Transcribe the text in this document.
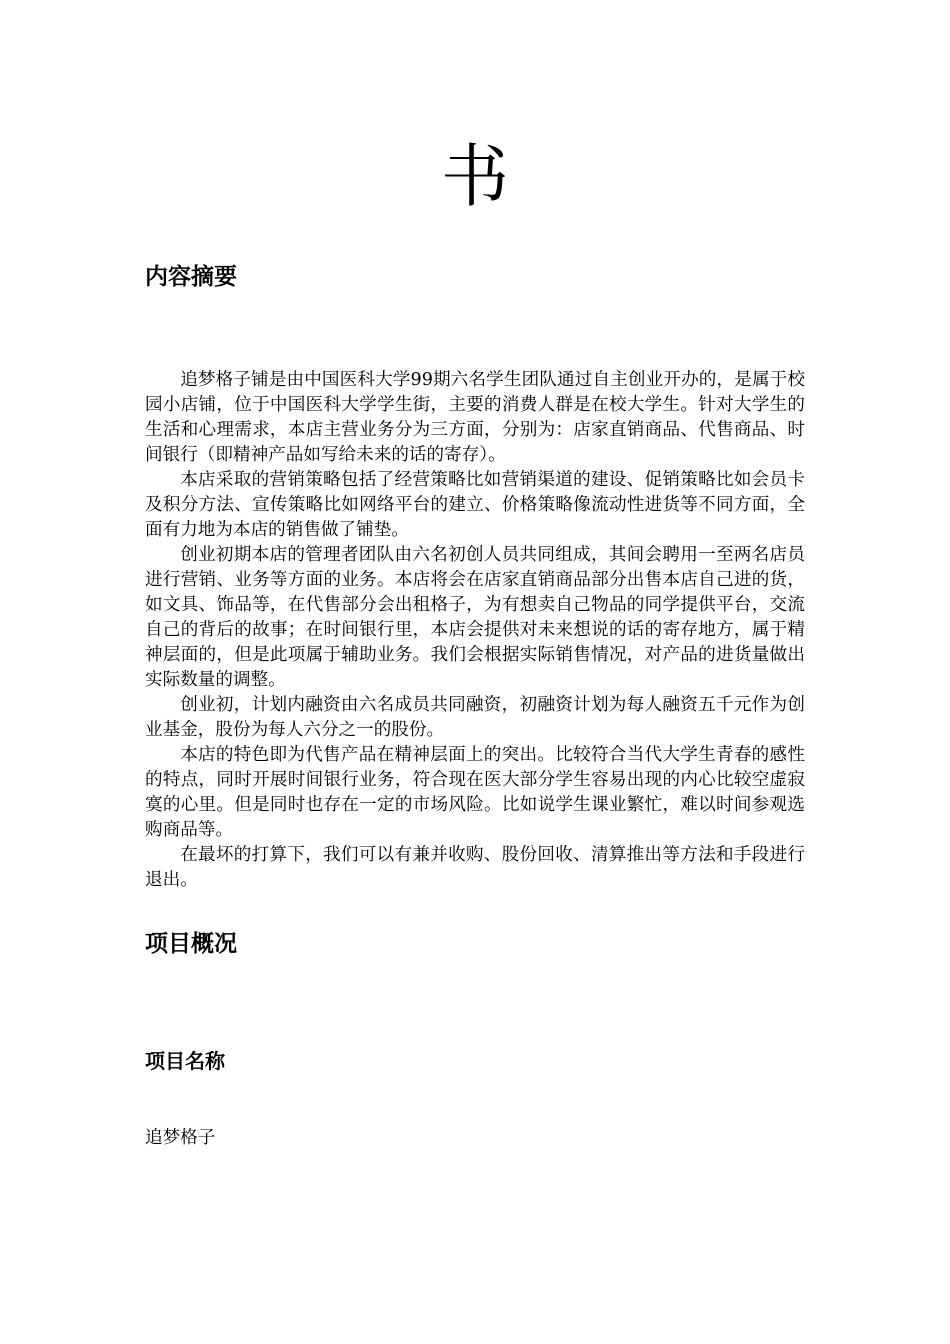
书
内容摘要

追梦格子铺是由中国医科大学99期六名学生团队通过自主创业开办的，是属于校园小店铺，位于中国医科大学学生街，主要的消费人群是在校大学生。针对大学生的生活和心理需求，本店主营业务分为三方面，分别为：店家直销商品、代售商品、时间银行（即精神产品如写给未来的话的寄存）。

本店采取的营销策略包括了经营策略比如营销渠道的建设、促销策略比如会员卡及积分方法、宣传策略比如网络平台的建立、价格策略像流动性进货等不同方面，全面有力地为本店的销售做了铺垫。

创业初期本店的管理者团队由六名初创人员共同组成，其间会聘用一至两名店员进行营销、业务等方面的业务。本店将会在店家直销商品部分出售本店自己进的货，如文具、饰品等，在代售部分会出租格子，为有想卖自己物品的同学提供平台，交流自己的背后的故事；在时间银行里，本店会提供对未来想说的话的寄存地方，属于精神层面的，但是此项属于辅助业务。我们会根据实际销售情况，对产品的进货量做出实际数量的调整。

创业初，计划内融资由六名成员共同融资，初融资计划为每人融资五千元作为创业基金，股份为每人六分之一的股份。

本店的特色即为代售产品在精神层面上的突出。比较符合当代大学生青春的感性的特点，同时开展时间银行业务，符合现在医大部分学生容易出现的内心比较空虚寂寞的心里。但是同时也存在一定的市场风险。比如说学生课业繁忙，难以时间参观选购商品等。

在最坏的打算下，我们可以有兼并收购、股份回收、清算推出等方法和手段进行退出。

项目概况
项目名称
追梦格子
